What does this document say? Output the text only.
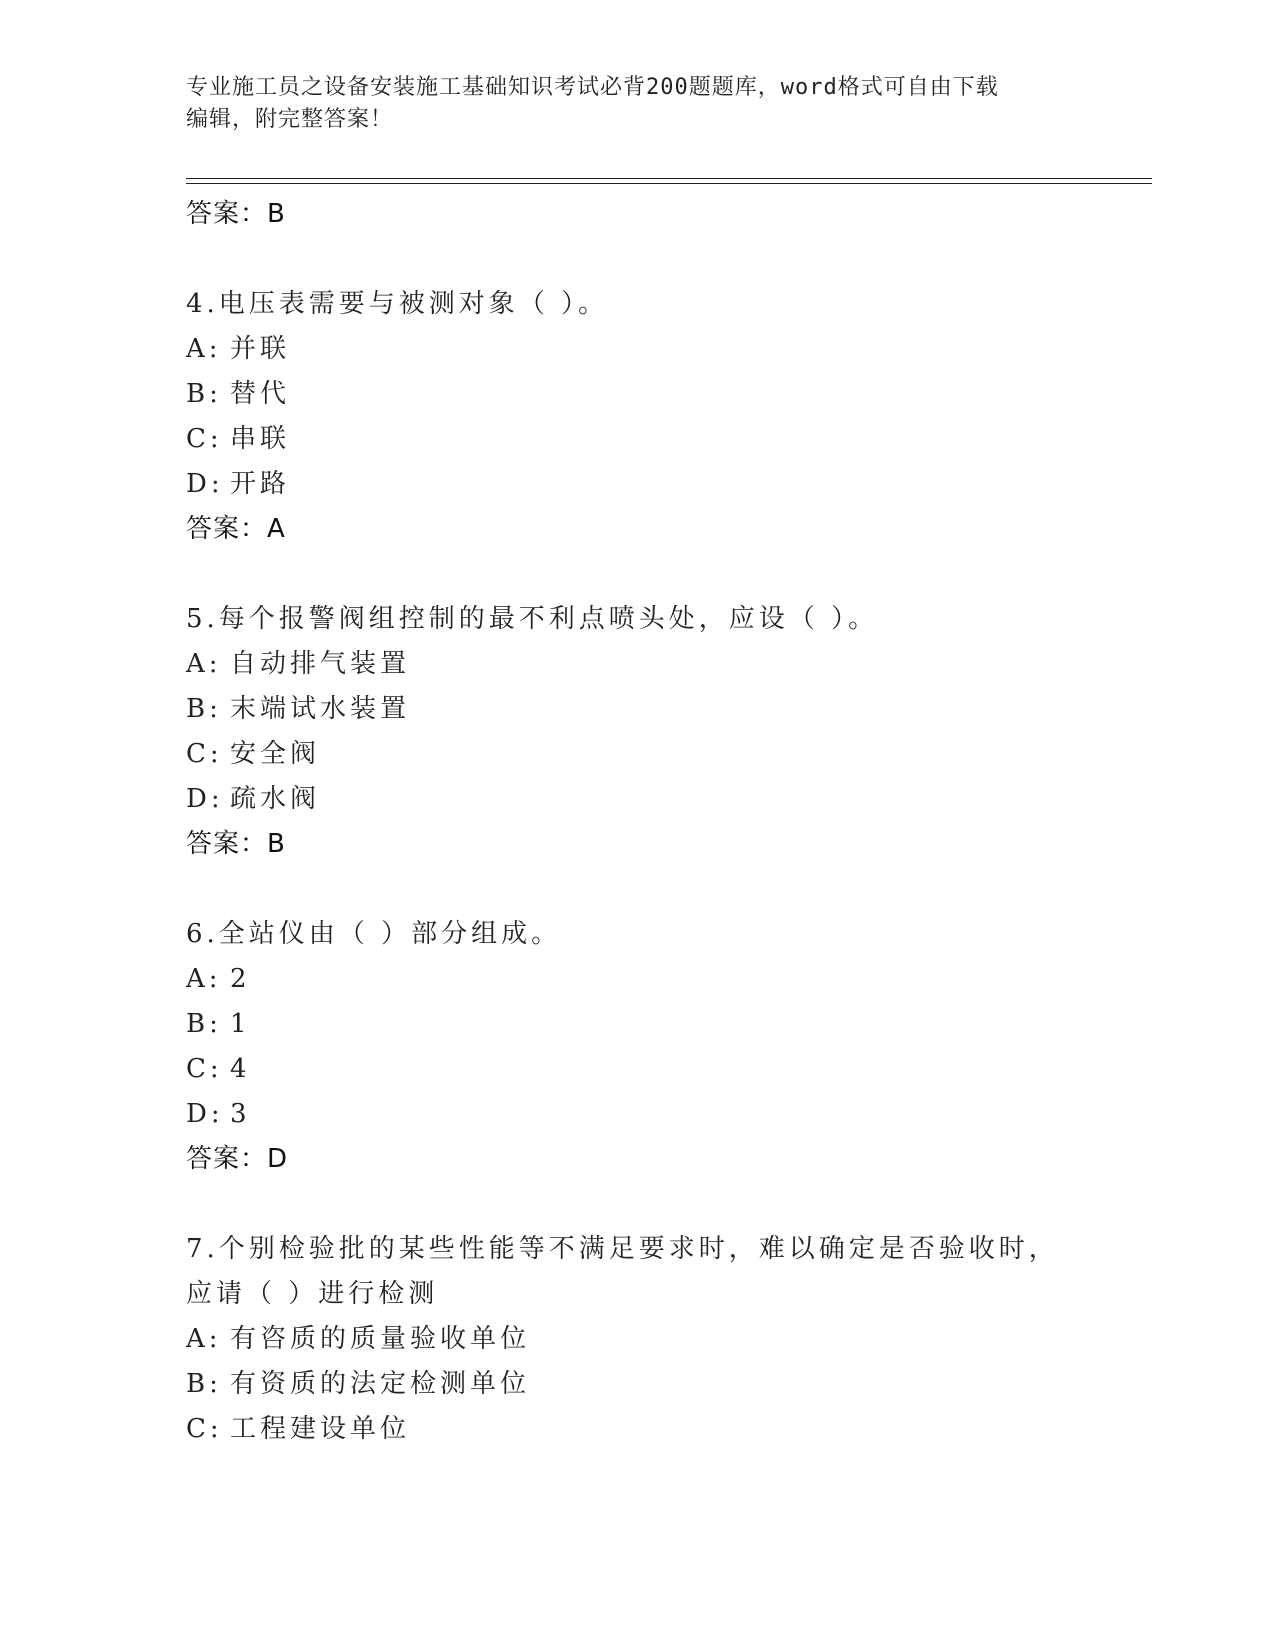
专业施工员之设备安装施工基础知识考试必背200题题库，word格式可自由下载
编辑，附完整答案！
答案：B
4.电压表需要与被测对象（ ）。
A: 并联
B: 替代
C: 串联
D: 开路
答案：A
5.每个报警阀组控制的最不利点喷头处，应设（ ）。
A: 自动排气装置
B: 末端试水装置
C: 安全阀
D: 疏水阀
答案：B
6.全站仪由（ ）部分组成。
A: 2
B: 1
C: 4
D: 3
答案：D
7.个别检验批的某些性能等不满足要求时，难以确定是否验收时，应请（ ）进行检测
A: 有咨质的质量验收单位
B: 有资质的法定检测单位
C: 工程建设单位
